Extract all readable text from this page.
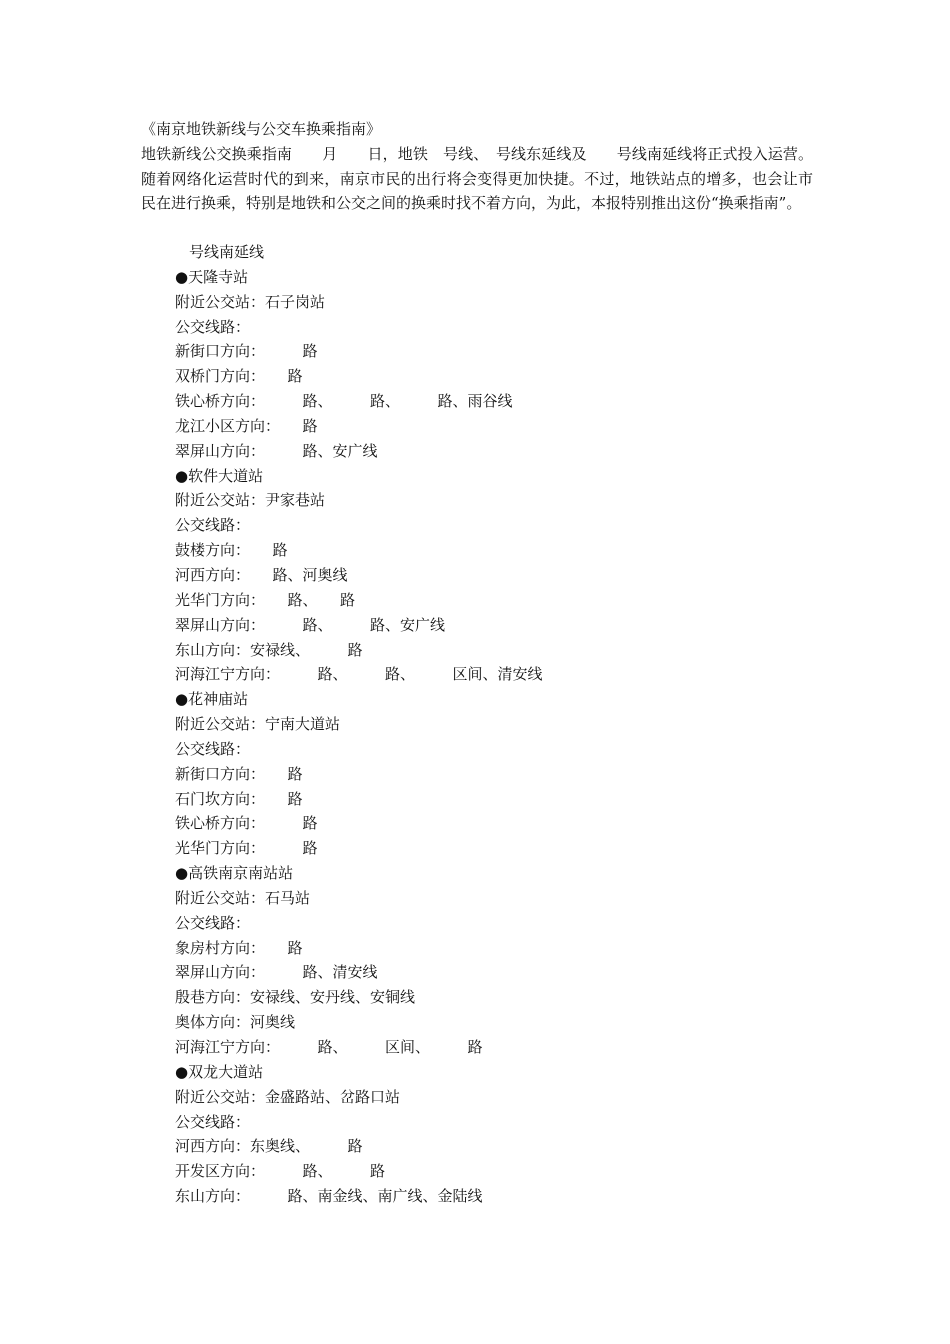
《南京地铁新线与公交车换乘指南》
地铁新线公交换乘指南　　月　　日，地铁　号线、　号线东延线及　　号线南延线将正式投入运营。 随着网络化运营时代的到来，南京市民的出行将会变得更加快捷。不过，地铁站点的增多，也会让市民在进行换乘，特别是地铁和公交之间的换乘时找不着方向，为此，本报特别推出这份“换乘指南”。
号线南延线
●天隆寺站
附近公交站：石子岗站
公交线路：
新街口方向：　　　路
双桥门方向：　　路
铁心桥方向：　　　路、　　　路、　　　路、雨谷线
龙江小区方向：　　路
翠屏山方向：　　　路、安广线
●软件大道站
附近公交站：尹家巷站
公交线路：
鼓楼方向：　　路
河西方向：　　路、河奥线
光华门方向：　　路、　　路
翠屏山方向：　　　路、　　　路、安广线
东山方向：安禄线、　　　路
河海江宁方向：　　　路、　　　路、　　　区间、清安线
●花神庙站
附近公交站：宁南大道站
公交线路：
新街口方向：　　路
石门坎方向：　　路
铁心桥方向：　　　路
光华门方向：　　　路
●高铁南京南站站
附近公交站：石马站
公交线路：
象房村方向：　　路
翠屏山方向：　　　路、清安线
殷巷方向：安禄线、安丹线、安铜线
奥体方向：河奥线
河海江宁方向：　　　路、　　　区间、　　　路
●双龙大道站
附近公交站：金盛路站、岔路口站
公交线路：
河西方向：东奥线、　　　路
开发区方向：　　　路、　　　路
东山方向：　　　路、南金线、南广线、金陆线
